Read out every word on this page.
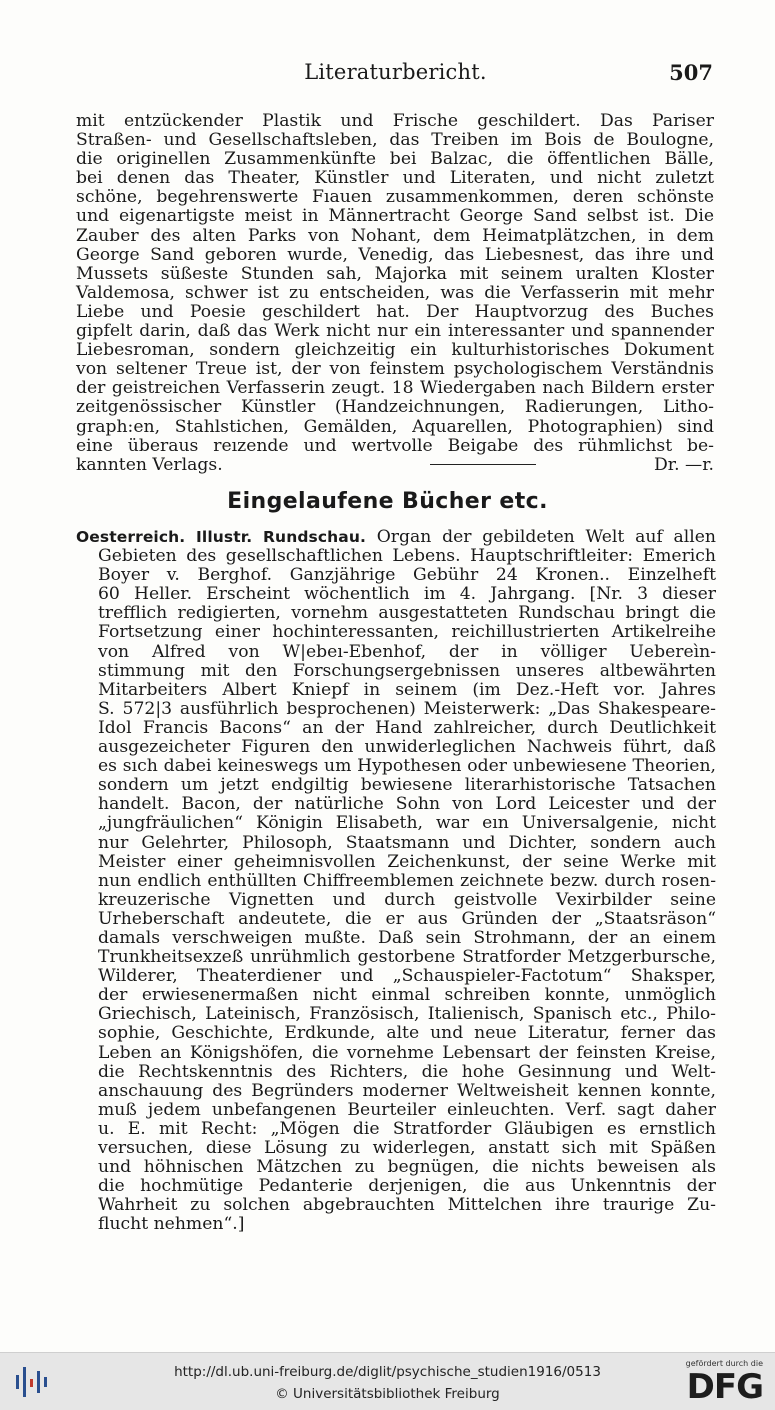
Literaturbericht.	507
mit entzückender Plastik und Frische geschildert. Das Pariser
Straßen- und Gesellschaftsleben, das Treiben im Bois de Boulogne,
die originellen Zusammenkünfte bei Balzac, die öffentlichen Bälle,
bei denen das Theater, Künstler und Literaten, und nicht zuletzt
schöne, begehrenswerte Fıauen zusammenkommen, deren schönste
und eigenartigste meist in Männertracht George Sand selbst ist. Die
Zauber des alten Parks von Nohant, dem Heimatplätzchen, in dem
George Sand geboren wurde, Venedig, das Liebesnest, das ihre und
Mussets süßeste Stunden sah, Majorka mit seinem uralten Kloster
Valdemosa, schwer ist zu entscheiden, was die Verfasserin mit mehr
Liebe und Poesie geschildert hat. Der Hauptvorzug des Buches
gipfelt darin, daß das Werk nicht nur ein interessanter und spannender
Liebesroman, sondern gleichzeitig ein kulturhistorisches Dokument
von seltener Treue ist, der von feinstem psychologischem Verständnis
der geistreichen Verfasserin zeugt. 18 Wiedergaben nach Bildern erster
zeitgenössischer Künstler (Handzeichnungen, Radierungen, Litho-
graph:en, Stahlstichen, Gemälden, Aquarellen, Photographien) sind
eine überaus reızende und wertvolle Beigabe des rühmlichst be-
kannten Verlags.	Dr. —r.
Eingelaufene Bücher etc.
Oesterreich. Illustr. Rundschau. Organ der gebildeten Welt auf allen
Gebieten des gesellschaftlichen Lebens. Hauptschriftleiter: Emerich
Boyer v. Berghof. Ganzjährige Gebühr 24 Kronen.. Einzelheft
60 Heller. Erscheint wöchentlich im 4. Jahrgang. [Nr. 3 dieser
trefflich redigierten, vornehm ausgestatteten Rundschau bringt die
Fortsetzung einer hochinteressanten, reichillustrierten Artikelreihe
von Alfred von W|ebeı-Ebenhof, der in völliger Uebereìn-
stimmung mit den Forschungsergebnissen unseres altbewährten
Mitarbeiters Albert Kniepf in seinem (im Dez.-Heft vor. Jahres
S. 572|3 ausführlich besprochenen) Meisterwerk: „Das Shakespeare-
Idol Francis Bacons“ an der Hand zahlreicher, durch Deutlichkeit
ausgezeicheter Figuren den unwiderleglichen Nachweis führt, daß
es sıch dabei keineswegs um Hypothesen oder unbewiesene Theorien,
sondern um jetzt endgiltig bewiesene literarhistorische Tatsachen
handelt. Bacon, der natürliche Sohn von Lord Leicester und der
„jungfräulichen“ Königin Elisabeth, war eın Universalgenie, nicht
nur Gelehrter, Philosoph, Staatsmann und Dichter, sondern auch
Meister einer geheimnisvollen Zeichenkunst, der seine Werke mit
nun endlich enthüllten Chiffreemblemen zeichnete bezw. durch rosen-
kreuzerische Vignetten und durch geistvolle Vexirbilder seine
Urheberschaft andeutete, die er aus Gründen der „Staatsräson“
damals verschweigen mußte. Daß sein Strohmann, der an einem
Trunkheitsexzeß unrühmlich gestorbene Stratforder Metzgerbursche,
Wilderer, Theaterdiener und „Schauspieler-Factotum“ Shaksper,
der erwiesenermaßen nicht einmal schreiben konnte, unmöglich
Griechisch, Lateinisch, Französisch, Italienisch, Spanisch etc., Philo-
sophie, Geschichte, Erdkunde, alte und neue Literatur, ferner das
Leben an Königshöfen, die vornehme Lebensart der feinsten Kreise,
die Rechtskenntnis des Richters, die hohe Gesinnung und Welt-
anschauung des Begründers moderner Weltweisheit kennen konnte,
muß jedem unbefangenen Beurteiler einleuchten. Verf. sagt daher
u. E. mit Recht: „Mögen die Stratforder Gläubigen es ernstlich
versuchen, diese Lösung zu widerlegen, anstatt sich mit Späßen
und höhnischen Mätzchen zu begnügen, die nichts beweisen als
die hochmütige Pedanterie derjenigen, die aus Unkenntnis der
Wahrheit zu solchen abgebrauchten Mittelchen ihre traurige Zu-
flucht nehmen“.]
http://dl.ub.uni-freiburg.de/diglit/psychische_studien1916/0513
© Universitätsbibliothek Freiburg
gefördert durch die
DFG
